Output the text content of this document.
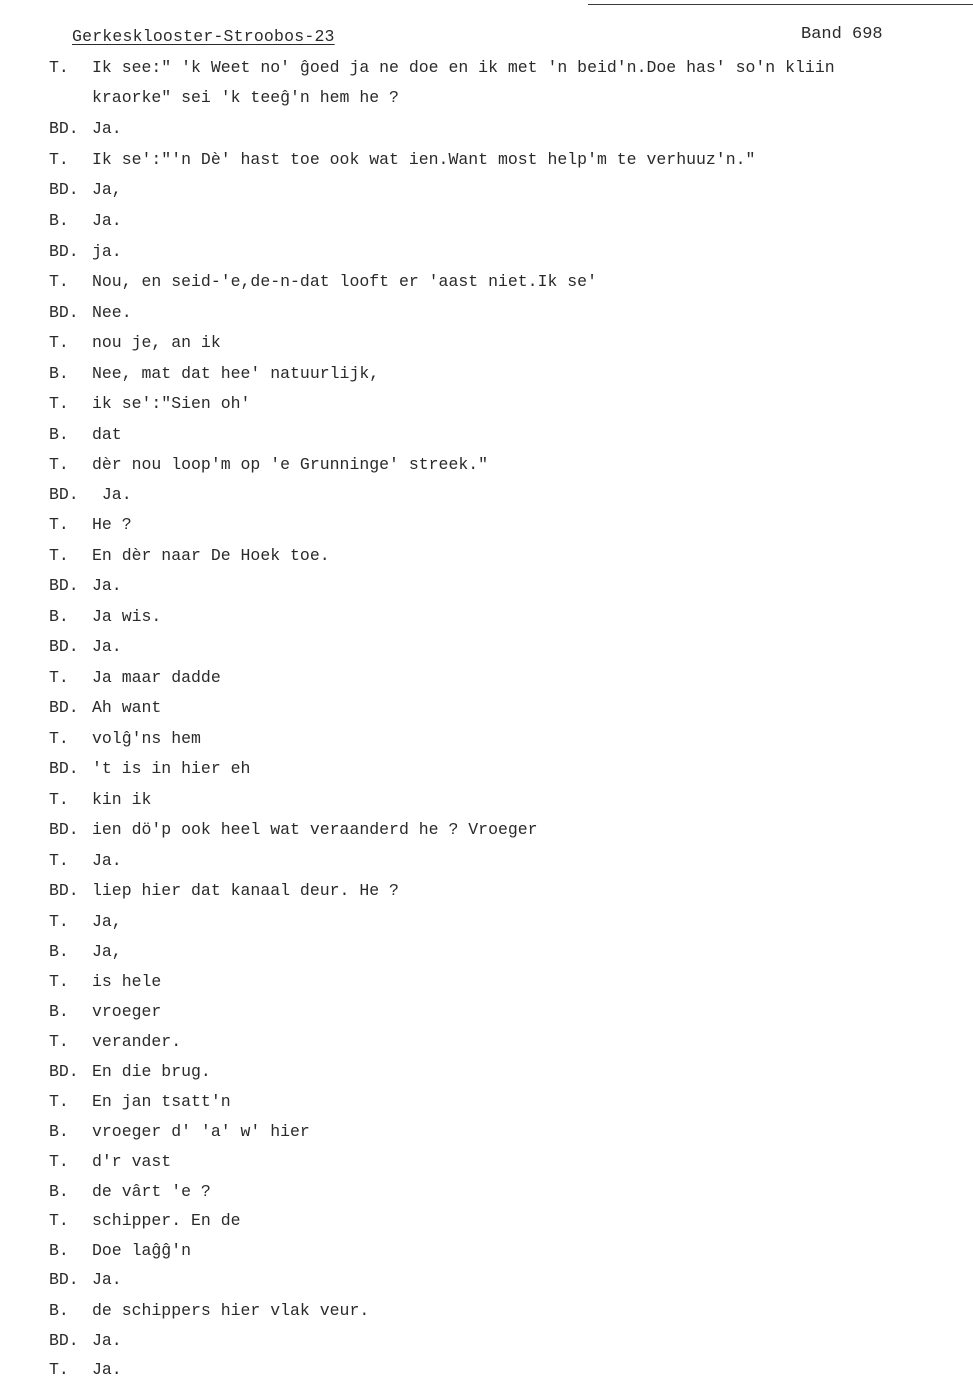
Gerkesklooster-Stroobos-23	Band 698
T. Ik see:" 'k Weet no' ĝoed ja ne doe en ik met 'n beid'n.Doe has' so'n kliin
kraorke" sei 'k teeĝ'n hem he ?
BD. Ja.
T. Ik se':"'n Dè' hast toe ook wat ien.Want most help'm te verhuuz'n."
BD. Ja,
B. Ja.
BD. ja.
T. Nou, en seid-'e,de-n-dat looft er 'aast niet.Ik se'
BD. Nee.
T. nou je, an ik
B. Nee, mat dat hee' natuurlijk,
T. ik se':"Sien oh'
B. dat
T. dèr nou loop'm op 'e Grunninge' streek."
BD. Ja.
T. He ?
T. En dèr naar De Hoek toe.
BD. Ja.
B. Ja wis.
BD. Ja.
T. Ja maar dadde
BD. Ah want
T. volĝ'ns hem
BD. 't is in hier eh
T. kin ik
BD. ien dö'p ook heel wat veraanderd he ? Vroeger
T. Ja.
BD. liep hier dat kanaal deur. He ?
T. Ja,
B. Ja,
T. is hele
B. vroeger
T. verander.
BD. En die brug.
T. En jan tsatt'n
B. vroeger d' 'a' w' hier
T. d'r vast
B. de vârt 'e ?
T. schipper. En de
B. Doe laĝĝ'n
BD. Ja.
B. de schippers hier vlak veur.
BD. Ja.
T. Ja.
